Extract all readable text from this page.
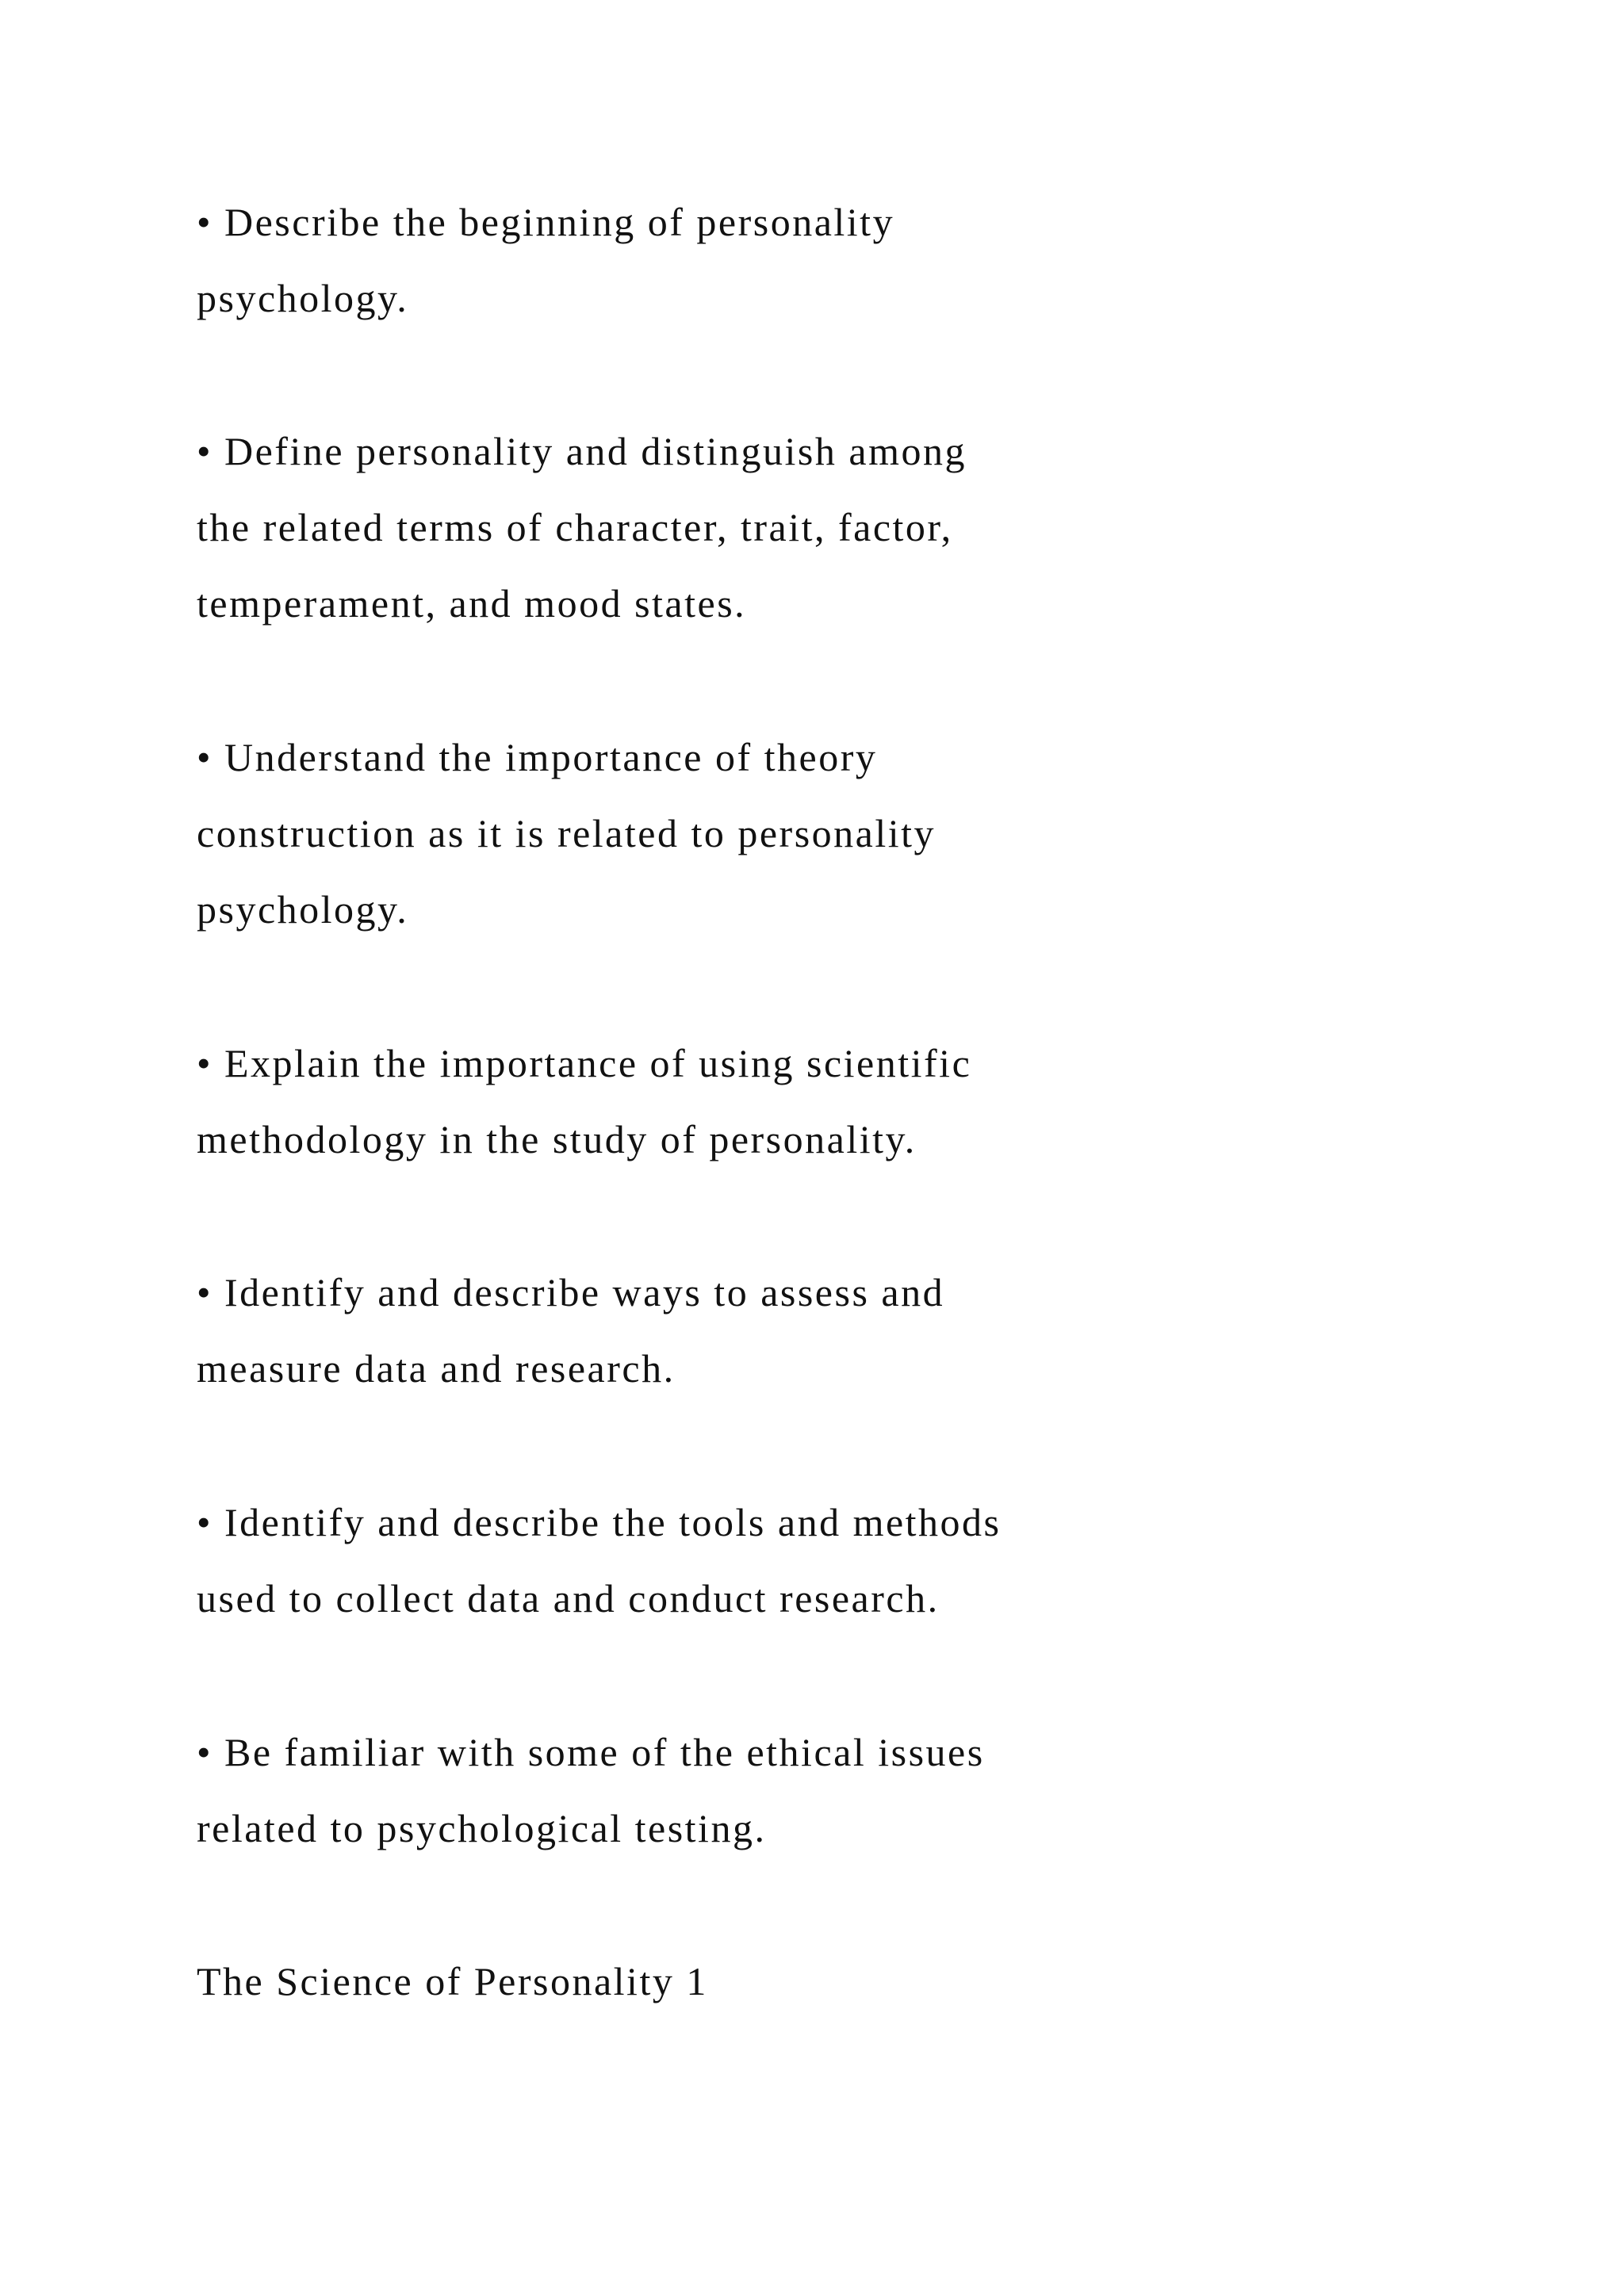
• Describe the beginning of personality
psychology.
• Define personality and distinguish among
the related terms of character, trait, factor,
temperament, and mood states.
• Understand the importance of theory
construction as it is related to personality
psychology.
• Explain the importance of using scientific
methodology in the study of personality.
• Identify and describe ways to assess and
measure data and research.
• Identify and describe the tools and methods
used to collect data and conduct research.
• Be familiar with some of the ethical issues
related to psychological testing.
The Science of Personality 1
